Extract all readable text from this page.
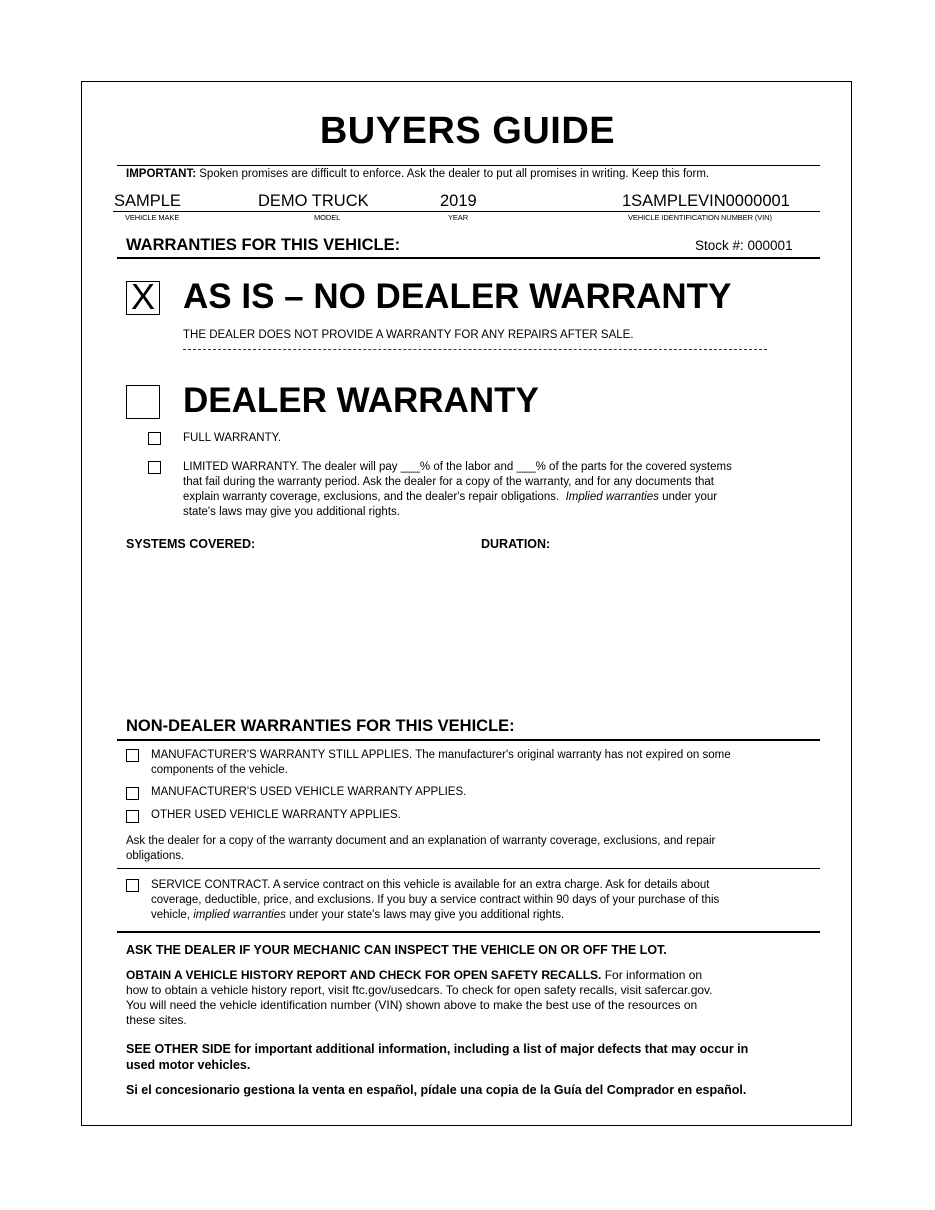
BUYERS GUIDE
IMPORTANT: Spoken promises are difficult to enforce. Ask the dealer to put all promises in writing. Keep this form.
SAMPLE	DEMO TRUCK	2019	1SAMPLEVIN0000001
VEHICLE MAKE	MODEL	YEAR	VEHICLE IDENTIFICATION NUMBER (VIN)
WARRANTIES FOR THIS VEHICLE:	Stock #: 000001
X AS IS – NO DEALER WARRANTY
THE DEALER DOES NOT PROVIDE A WARRANTY FOR ANY REPAIRS AFTER SALE.
DEALER WARRANTY
FULL WARRANTY.
LIMITED WARRANTY. The dealer will pay ___% of the labor and ___% of the parts for the covered systems
that fail during the warranty period. Ask the dealer for a copy of the warranty, and for any documents that
explain warranty coverage, exclusions, and the dealer's repair obligations. Implied warranties under your
state's laws may give you additional rights.
SYSTEMS COVERED:	DURATION:
NON-DEALER WARRANTIES FOR THIS VEHICLE:
MANUFACTURER'S WARRANTY STILL APPLIES. The manufacturer's original warranty has not expired on some
components of the vehicle.
MANUFACTURER'S USED VEHICLE WARRANTY APPLIES.
OTHER USED VEHICLE WARRANTY APPLIES.
Ask the dealer for a copy of the warranty document and an explanation of warranty coverage, exclusions, and repair
obligations.
SERVICE CONTRACT. A service contract on this vehicle is available for an extra charge. Ask for details about
coverage, deductible, price, and exclusions. If you buy a service contract within 90 days of your purchase of this
vehicle, implied warranties under your state's laws may give you additional rights.
ASK THE DEALER IF YOUR MECHANIC CAN INSPECT THE VEHICLE ON OR OFF THE LOT.
OBTAIN A VEHICLE HISTORY REPORT AND CHECK FOR OPEN SAFETY RECALLS. For information on
how to obtain a vehicle history report, visit ftc.gov/usedcars. To check for open safety recalls, visit safercar.gov.
You will need the vehicle identification number (VIN) shown above to make the best use of the resources on
these sites.
SEE OTHER SIDE for important additional information, including a list of major defects that may occur in
used motor vehicles.
Si el concesionario gestiona la venta en español, pídale una copia de la Guía del Comprador en español.
